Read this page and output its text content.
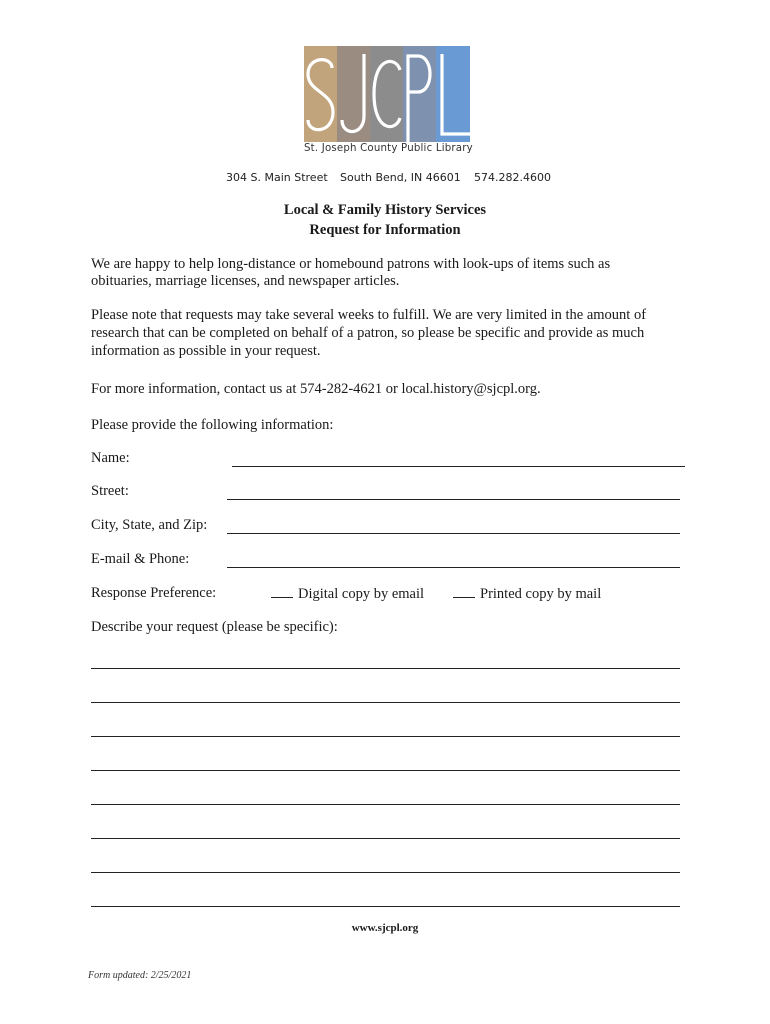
St. Joseph County Public Library
304 S. Main Street South Bend, IN 46601 574.282.4600
Local & Family History Services
Request for Information
We are happy to help long-distance or homebound patrons with look-ups of items such as
obituaries, marriage licenses, and newspaper articles.
Please note that requests may take several weeks to fulfill. We are very limited in the amount of
research that can be completed on behalf of a patron, so please be specific and provide as much
information as possible in your request.
For more information, contact us at 574-282-4621 or local.history@sjcpl.org.
Please provide the following information:
Name:
Street:
City, State, and Zip:
E-mail & Phone:
Response Preference:	Digital copy by email	Printed copy by mail
Describe your request (please be specific):
www.sjcpl.org
Form updated: 2/25/2021
